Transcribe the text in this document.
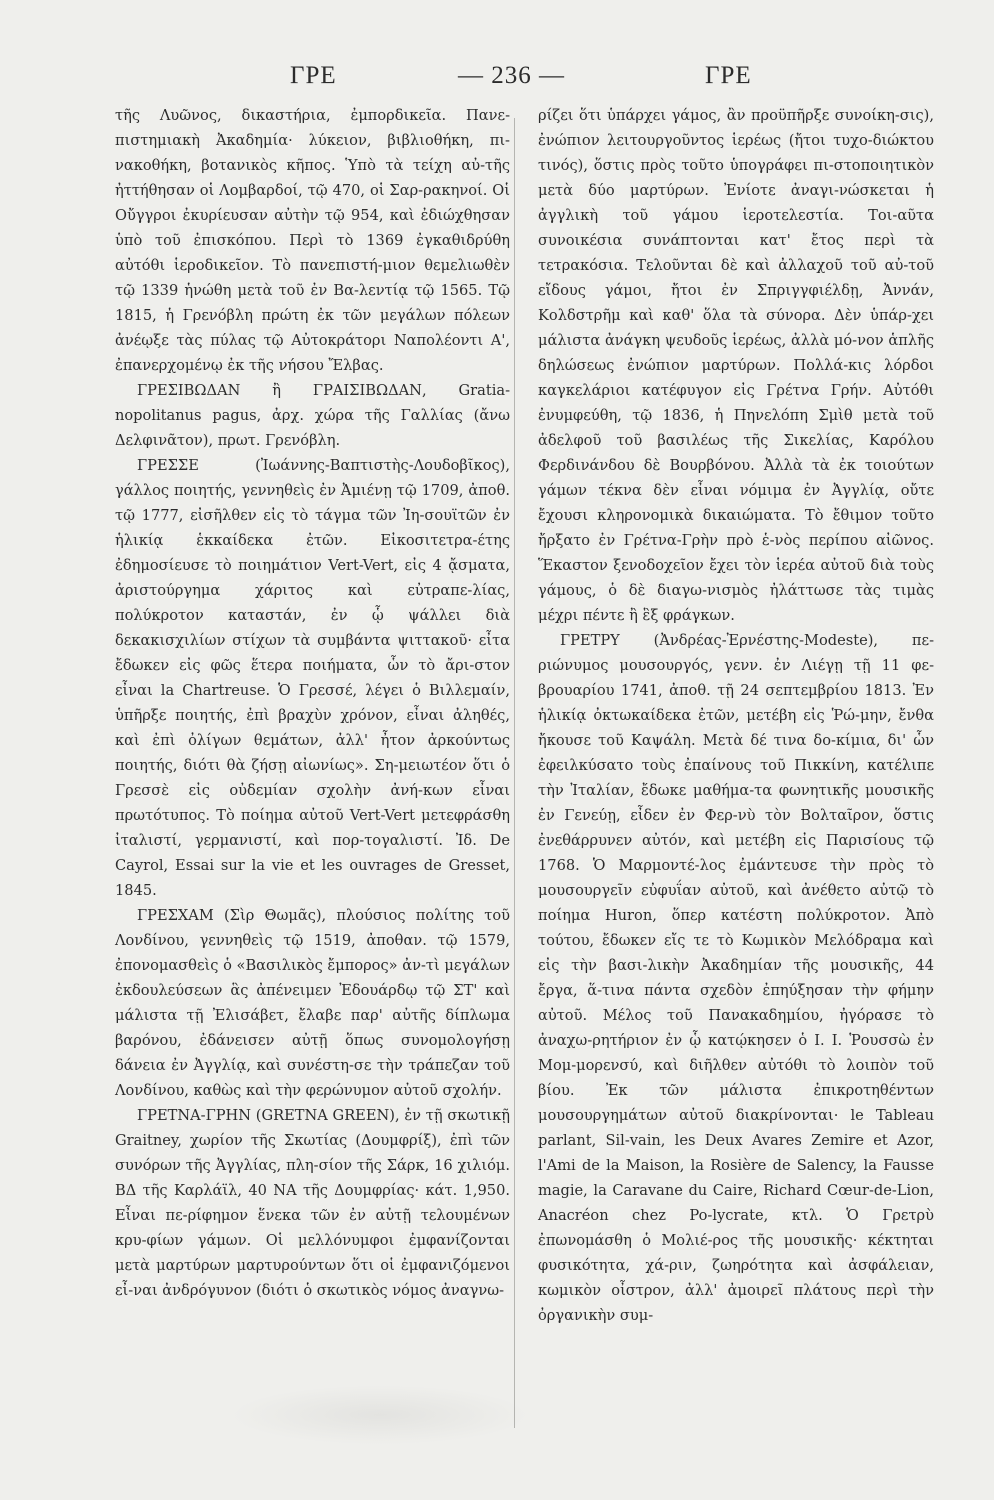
ΓΡΕ	— 236 —	ΓΡΕ

τῆς Λυῶνος, δικαστήρια, ἐμπορδικεῖα. Πανε-πιστημιακὴ Ἀκαδημία· λύκειον, βιβλιοθήκη, πι-νακοθήκη, βοτανικὸς κῆπος. Ὑπὸ τὰ τείχη αὐ-τῆς ἠττήθησαν οἱ Λομβαρδοί, τῷ 470, οἱ Σαρ-ρακηνοί. Οἱ Οὔγγροι ἐκυρίευσαν αὐτὴν τῷ 954, καὶ ἐδιώχθησαν ὑπὸ τοῦ ἐπισκόπου. Περὶ τὸ 1369 ἐγκαθιδρύθη αὐτόθι ἱεροδικεῖον. Τὸ πανεπιστή-μιον θεμελιωθὲν τῷ 1339 ἡνώθη μετὰ τοῦ ἐν Βα-λεντίᾳ τῷ 1565. Τῷ 1815, ἡ Γρενόβλη πρώτη ἐκ τῶν μεγάλων πόλεων ἀνέῳξε τὰς πύλας τῷ Αὐτοκράτορι Ναπολέοντι Α', ἐπανερχομένῳ ἐκ τῆς νήσου Ἔλβας.

ΓΡΕΣΙΒΩΔΑΝ ἢ ΓΡΑΙΣΙΒΩΔΑΝ, Gratia-nopolitanus pagus, ἀρχ. χώρα τῆς Γαλλίας (ἄνω Δελφινᾶτον), πρωτ. Γρενόβλη.

ΓΡΕΣΣΕ (Ἰωάννης-Βαπτιστὴς-Λουδοβῖκος), γάλλος ποιητής, γεννηθεὶς ἐν Ἀμιένῃ τῷ 1709, ἀποθ. τῷ 1777, εἰσῆλθεν εἰς τὸ τάγμα τῶν Ἰη-σουϊτῶν ἐν ἡλικίᾳ ἑκκαίδεκα ἐτῶν. Εἰκοσιτετρα-έτης ἐδημοσίευσε τὸ ποιημάτιον Vert-Vert, εἰς 4 ᾄσματα, ἀριστούργημα χάριτος καὶ εὐτραπε-λίας, πολύκροτον καταστάν, ἐν ᾧ ψάλλει διὰ δεκακισχιλίων στίχων τὰ συμβάντα ψιττακοῦ· εἶτα ἔδωκεν εἰς φῶς ἕτερα ποιήματα, ὧν τὸ ἄρι-στον εἶναι la Chartreuse. Ὁ Γρεσσέ, λέγει ὁ Βιλλεμαίν, ὑπῆρξε ποιητής, ἐπὶ βραχὺν χρόνον, εἶναι ἀληθές, καὶ ἐπὶ ὀλίγων θεμάτων, ἀλλ' ἦτον ἀρκούντως ποιητής, διότι θὰ ζήσῃ αἰωνίως». Ση-μειωτέον ὅτι ὁ Γρεσσὲ εἰς οὐδεμίαν σχολὴν ἀνή-κων εἶναι πρωτότυπος. Τὸ ποίημα αὐτοῦ Vert-Vert μετεφράσθη ἰταλιστί, γερμανιστί, καὶ πορ-τογαλιστί. Ἰδ. De Cayrol, Essai sur la vie et les ouvrages de Gresset, 1845.

ΓΡΕΣΧΑΜ (Σὶρ Θωμᾶς), πλούσιος πολίτης τοῦ Λονδίνου, γεννηθεὶς τῷ 1519, ἀποθαν. τῷ 1579, ἐπονομασθεὶς ὁ «Βασιλικὸς ἔμπορος» ἀν-τὶ μεγάλων ἐκδουλεύσεων ἃς ἀπένειμεν Ἐδουάρδῳ τῷ ΣΤ' καὶ μάλιστα τῇ Ἐλισάβετ, ἔλαβε παρ' αὐτῆς δίπλωμα βαρόνου, ἐδάνεισεν αὐτῇ ὅπως συνομολογήσῃ δάνεια ἐν Ἀγγλίᾳ, καὶ συνέστη-σε τὴν τράπεζαν τοῦ Λονδίνου, καθὼς καὶ τὴν φερώνυμον αὐτοῦ σχολήν.

ΓΡΕΤΝΑ-ΓΡΗΝ (GRETNA GREEN), ἐν τῇ σκωτικῇ Graitney, χωρίον τῆς Σκωτίας (Δουμφρίξ), ἐπὶ τῶν συνόρων τῆς Ἀγγλίας, πλη-σίον τῆς Σάρκ, 16 χιλιόμ. ΒΔ τῆς Καρλάϊλ, 40 ΝΑ τῆς Δουμφρίας· κάτ. 1,950. Εἶναι πε-ρίφημον ἕνεκα τῶν ἐν αὐτῇ τελουμένων κρυ-φίων γάμων. Οἱ μελλόνυμφοι ἐμφανίζονται μετὰ μαρτύρων μαρτυρούντων ὅτι οἱ ἐμφανιζόμενοι εἶ-ναι ἀνδρόγυνον (διότι ὁ σκωτικὸς νόμος ἀναγνω-

ρίζει ὅτι ὑπάρχει γάμος, ἂν προϋπῆρξε συνοίκη-σις), ἐνώπιον λειτουργοῦντος ἱερέως (ἤτοι τυχο-διώκτου τινός), ὅστις πρὸς τοῦτο ὑπογράφει πι-στοποιητικὸν μετὰ δύο μαρτύρων. Ἐνίοτε ἀναγι-νώσκεται ἡ ἀγγλικὴ τοῦ γάμου ἱεροτελεστία. Τοι-αῦτα συνοικέσια συνάπτονται κατ' ἔτος περὶ τὰ τετρακόσια. Τελοῦνται δὲ καὶ ἀλλαχοῦ τοῦ αὐ-τοῦ εἴδους γάμοι, ἤτοι ἐν Σπριγγφιέλδῃ, Ἀννάν, Κολδστρῆμ καὶ καθ' ὅλα τὰ σύνορα. Δὲν ὑπάρ-χει μάλιστα ἀνάγκη ψευδοῦς ἱερέως, ἀλλὰ μό-νον ἁπλῆς δηλώσεως ἐνώπιον μαρτύρων. Πολλά-κις λόρδοι καγκελάριοι κατέφυγον εἰς Γρέτνα Γρήν. Αὐτόθι ἐνυμφεύθη, τῷ 1836, ἡ Πηνελόπη Σμὶθ μετὰ τοῦ ἀδελφοῦ τοῦ βασιλέως τῆς Σικελίας, Καρόλου Φερδινάνδου δὲ Βουρβόνου. Ἀλλὰ τὰ ἐκ τοιούτων γάμων τέκνα δὲν εἶναι νόμιμα ἐν Ἀγγλίᾳ, οὔτε ἔχουσι κληρονομικὰ δικαιώματα. Τὸ ἔθιμον τοῦτο ἤρξατο ἐν Γρέτνα-Γρὴν πρὸ ἑ-νὸς περίπου αἰῶνος. Ἕκαστον ξενοδοχεῖον ἔχει τὸν ἱερέα αὐτοῦ διὰ τοὺς γάμους, ὁ δὲ διαγω-νισμὸς ἠλάττωσε τὰς τιμὰς μέχρι πέντε ἢ ἓξ φράγκων.

ΓΡΕΤΡΥ (Ἀνδρέας-Ἐρνέστης-Modeste), πε-ριώνυμος μουσουργός, γενν. ἐν Λιέγῃ τῇ 11 φε-βρουαρίου 1741, ἀποθ. τῇ 24 σεπτεμβρίου 1813. Ἐν ἡλικίᾳ ὀκτωκαίδεκα ἐτῶν, μετέβη εἰς Ῥώ-μην, ἔνθα ἤκουσε τοῦ Καψάλη. Μετὰ δέ τινα δο-κίμια, δι' ὧν ἐφειλκύσατο τοὺς ἐπαίνους τοῦ Πικκίνη, κατέλιπε τὴν Ἰταλίαν, ἔδωκε μαθήμα-τα φωνητικῆς μουσικῆς ἐν Γενεύῃ, εἶδεν ἐν Φερ-νὺ τὸν Βολταῖρον, ὅστις ἐνεθάρρυνεν αὐτόν, καὶ μετέβη εἰς Παρισίους τῷ 1768. Ὁ Μαρμοντέ-λος ἐμάντευσε τὴν πρὸς τὸ μουσουργεῖν εὐφυΐαν αὐτοῦ, καὶ ἀνέθετο αὐτῷ τὸ ποίημα Huron, ὅπερ κατέστη πολύκροτον. Ἀπὸ τούτου, ἔδωκεν εἴς τε τὸ Κωμικὸν Μελόδραμα καὶ εἰς τὴν βασι-λικὴν Ἀκαδημίαν τῆς μουσικῆς, 44 ἔργα, ἅ-τινα πάντα σχεδὸν ἐπηύξησαν τὴν φήμην αὐτοῦ. Μέλος τοῦ Πανακαδημίου, ἠγόρασε τὸ ἀναχω-ρητήριον ἐν ᾧ κατῴκησεν ὁ Ι. Ι. Ῥουσσὼ ἐν Μομ-μορενσύ, καὶ διῆλθεν αὐτόθι τὸ λοιπὸν τοῦ βίου. Ἐκ τῶν μάλιστα ἐπικροτηθέντων μουσουργημάτων αὐτοῦ διακρίνονται· le Tableau parlant, Sil-vain, les Deux Avares Zemire et Azor, l'Ami de la Maison, la Rosière de Salency, la Fausse magie, la Caravane du Caire, Richard Cœur-de-Lion, Anacréon chez Po-lycrate, κτλ. Ὁ Γρετρὺ ἐπωνομάσθη ὁ Μολιέ-ρος τῆς μουσικῆς· κέκτηται φυσικότητα, χά-ριν, ζωηρότητα καὶ ἀσφάλειαν, κωμικὸν οἶστρον, ἀλλ' ἀμοιρεῖ πλάτους περὶ τὴν ὀργανικὴν συμ-
